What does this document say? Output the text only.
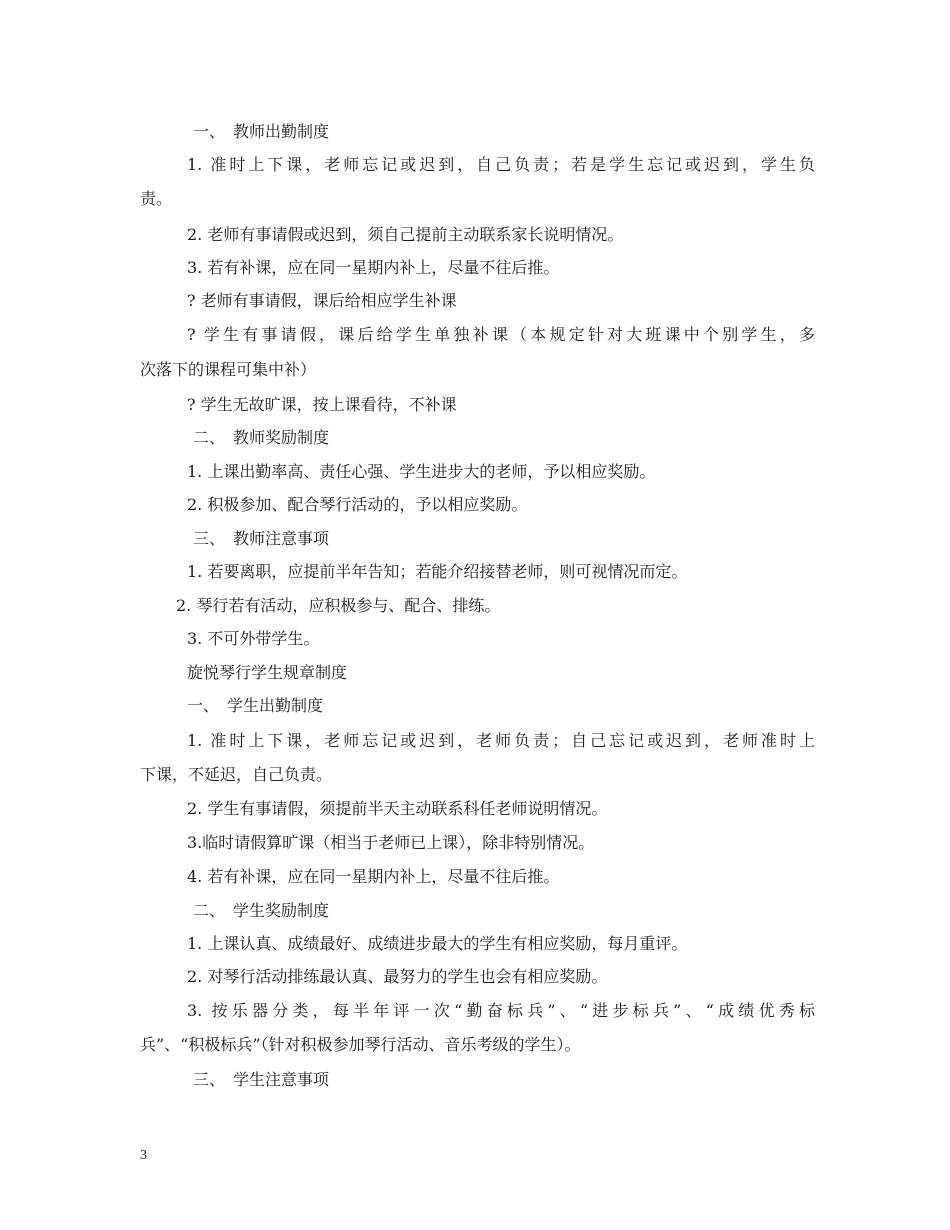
一、　教师出勤制度
1. 准时上下课，老师忘记或迟到，自己负责；若是学生忘记或迟到，学生负
责。
2. 老师有事请假或迟到，须自己提前主动联系家长说明情况。
3. 若有补课，应在同一星期内补上，尽量不往后推。
? 老师有事请假，课后给相应学生补课
? 学生有事请假，课后给学生单独补课（本规定针对大班课中个别学生，多
次落下的课程可集中补）
? 学生无故旷课，按上课看待，不补课
二、　教师奖励制度
1. 上课出勤率高、责任心强、学生进步大的老师，予以相应奖励。
2. 积极参加、配合琴行活动的，予以相应奖励。
三、　教师注意事项
1. 若要离职，应提前半年告知；若能介绍接替老师，则可视情况而定。
2. 琴行若有活动，应积极参与、配合、排练。
3. 不可外带学生。
旋悦琴行学生规章制度
一、　学生出勤制度
1. 准时上下课，老师忘记或迟到，老师负责；自己忘记或迟到，老师准时上
下课，不延迟，自己负责。
2. 学生有事请假，须提前半天主动联系科任老师说明情况。
3.临时请假算旷课（相当于老师已上课），除非特别情况。
4. 若有补课，应在同一星期内补上，尽量不往后推。
二、　学生奖励制度
1. 上课认真、成绩最好、成绩进步最大的学生有相应奖励，每月重评。
2. 对琴行活动排练最认真、最努力的学生也会有相应奖励。
3. 按乐器分类，每半年评一次“勤奋标兵”、“进步标兵”、“成绩优秀标
兵”、“积极标兵”（针对积极参加琴行活动、音乐考级的学生）。
三、　学生注意事项
3
